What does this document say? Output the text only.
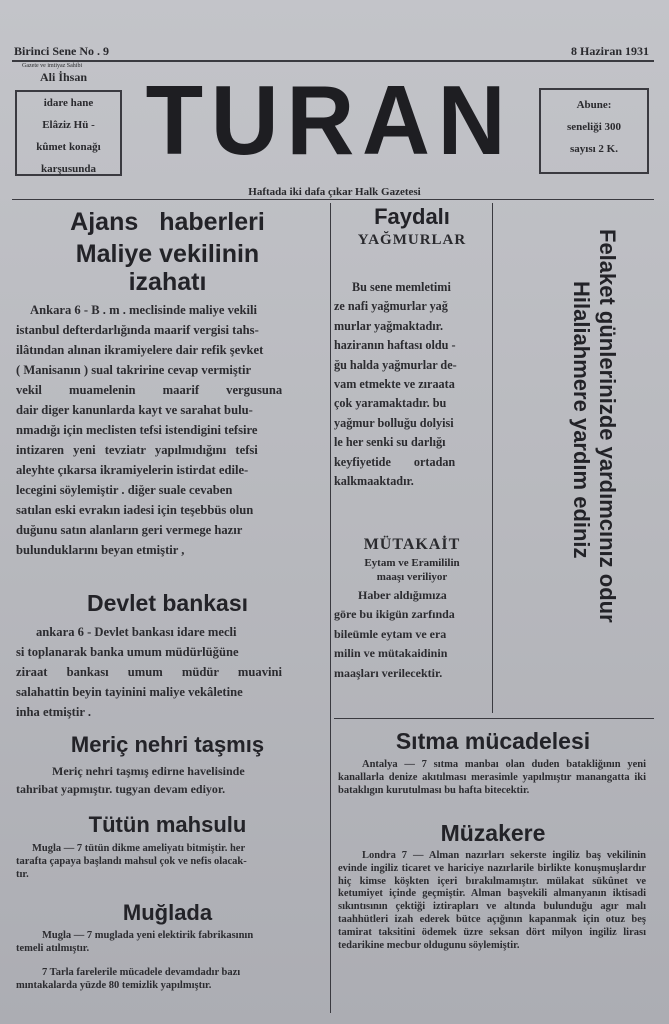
Birinci Sene No . 9	8 Haziran 1931
Gazete ve imtiyaz Sahibi
Ali İhsan
idare hane
Elâziz Hü -
kûmet konağı
karşusunda TURAN	Abune:
seneliği 300
sayısı 2 K.
Haftada iki dafa çıkar Halk Gazetesi
Ajans haberleri
Maliye vekilinin
izahatı
Ankara 6 - B . m . meclisinde maliye vekili
istanbul defterdarlığında maarif vergisi tahs-
ilâtından alınan ikramiyelere dair refik şevket
( Manisanın ) sual takririne cevap vermiştir
vekil muamelenin maarif vergusuna
dair diger kanunlarda kayt ve sarahat bulu-
nmadığı için meclisten tefsi istendigini tefsire
intizaren yeni tevziatr yapılmıdığını tefsi
aleyhte çıkarsa ikramiyelerin istirdat edile-
lecegini söylemiştir . diğer suale cevaben
satılan eski evrakın iadesi için teşebbüs olun
duğunu satın alanların geri vermege hazır
bulunduklarını beyan etmiştir ,
Devlet bankası
ankara 6 - Devlet bankası idare mecli
si toplanarak banka umum müdürlüğüne
ziraat bankası umum müdür muavini
salahattin beyin tayinini maliye vekâletine
inha etmiştir .
Meriç nehri taşmış
Meriç nehri taşmış edirne havelisinde
tahribat yapmıştır. tugyan devam ediyor.
Tütün mahsulu
Mugla — 7 tütün dikme ameliyatı bitmiştir. her
tarafta çapaya başlandı mahsul çok ve nefis olacak-
tır.
Muğlada
Mugla — 7 muglada yeni elektirik fabrikasının
temeli atılmıştır.
7 Tarla farelerile mücadele devamdadır bazı
mıntakalarda yüzde 80 temizlik yapılmıştır.
Faydalı
YAĞMURLAR
Bu sene memletimi
ze nafi yağmurlar yağ
murlar yağmaktadır.
haziranın haftası oldu -
ğu halda yağmurlar de-
vam etmekte ve zıraata
çok yaramaktadır. bu
yağmur bolluğu dolyisi
le her senki su darlığı
keyfiyetide ortadan
kalkmaaktadır.
MÜTAKAİT
Eytam ve Eramililin
maaşı veriliyor
Haber aldığımıza
göre bu ikigün zarfında
bileümle eytam ve era
milin ve mütakaidinin
maaşları verilecektir.
Felaket günlerinizde yardımcınız odur
Hilaliahmere yardım ediniz
Sıtma mücadelesi
Antalya — 7 sıtma manbaı olan duden batakliğının yeni kanallarla denize akıtılması merasimle yapılmıştır manangatta iki bataklıgın kurutulması bu hafta bitecektir.
Müzakere
Londra 7 — Alman nazırları sekerste ingiliz baş vekilinin evinde ingiliz ticaret ve hariciye nazırlarile birlikte konuşmuşlardır hiç kimse köşkten içeri bırakılmamıştır. mülakat sükûnet ve ketumiyet içinde geçmiştir. Alman başvekili almanyanın iktisadi sıkıntısının çektiği iztirapları ve altında bulunduğu agır malı taahhütleri izah ederek bütce açığının kapanmak için otuz beş tamirat taksitini ödemek üzre seksan dört milyon ingiliz lirası tedarikine mecbur oldugunu söylemiştir.
